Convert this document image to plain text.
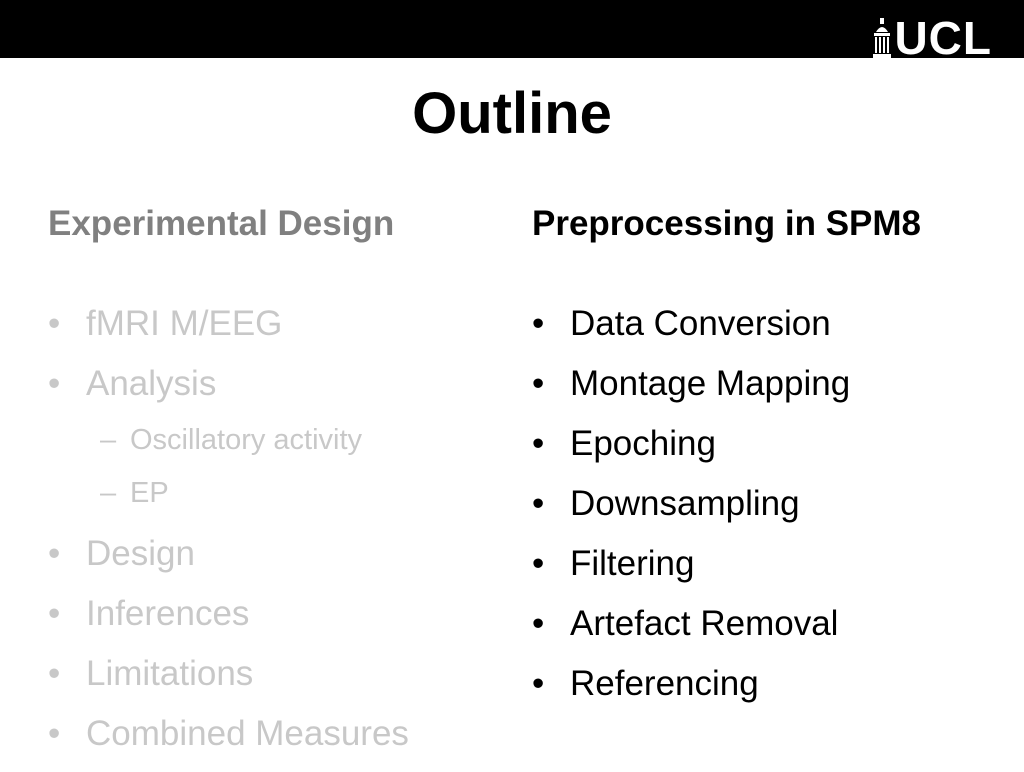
UCL
Outline
Experimental Design	Preprocessing in SPM8
• fMRI M/EEG
• Analysis
– Oscillatory activity
– EP
• Design
• Inferences
• Limitations
• Combined Measures
• Data Conversion
• Montage Mapping
• Epoching
• Downsampling
• Filtering
• Artefact Removal
• Referencing
